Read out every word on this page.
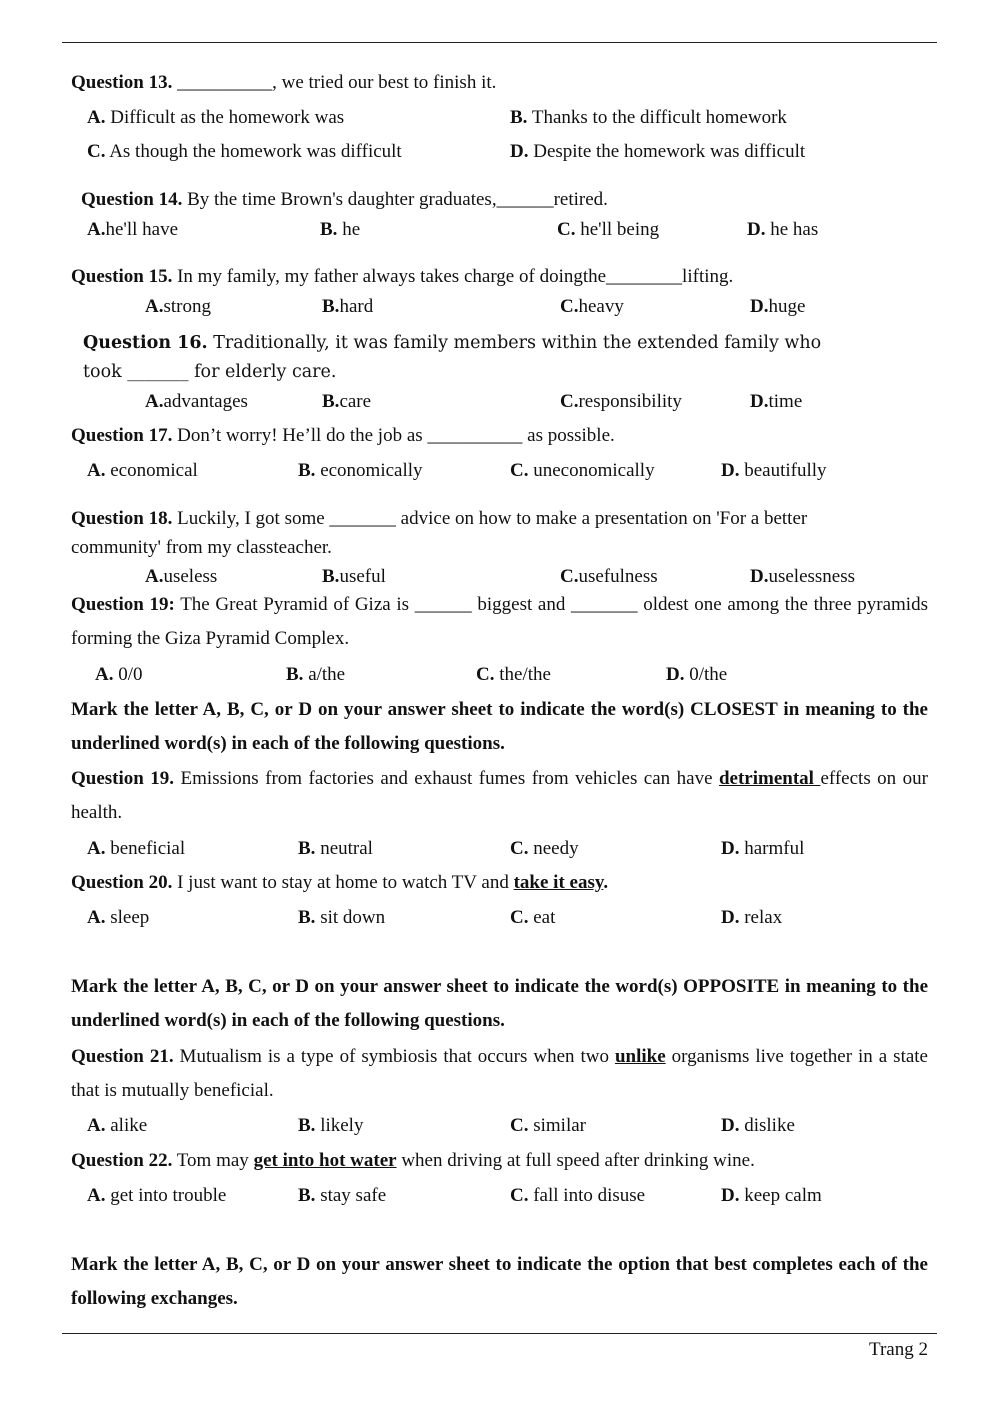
Question 13. __________, we tried our best to finish it.
A. Difficult as the homework was	B. Thanks to the difficult homework
C. As though the homework was difficult	D. Despite the homework was difficult
Question 14. By the time Brown's daughter graduates,______retired.
A.he'll have	B. he	C. he'll being	D. he has
Question 15. In my family, my father always takes charge of doingthe________lifting.
A.strong	B.hard	C.heavy	D.huge
Question 16. Traditionally, it was family members within the extended family who took _______ for elderly care.
A.advantages	B.care	C.responsibility	D.time
Question 17. Don’t worry! He’ll do the job as __________ as possible.
A. economical	B. economically	C. uneconomically	D. beautifully
Question 18. Luckily, I got some _______ advice on how to make a presentation on 'For a better community' from my classteacher.
A.useless	B.useful	C.usefulness	D.uselessness
Question 19: The Great Pyramid of Giza is ______ biggest and _______ oldest one among the three pyramids forming the Giza Pyramid Complex.
A. 0/0	B. a/the	C. the/the	D. 0/the
Mark the letter A, B, C, or D on your answer sheet to indicate the word(s) CLOSEST in meaning to the underlined word(s) in each of the following questions.
Question 19. Emissions from factories and exhaust fumes from vehicles can have detrimental effects on our health.
A. beneficial	B. neutral	C. needy	D. harmful
Question 20. I just want to stay at home to watch TV and take it easy.
A. sleep	B. sit down	C. eat	D. relax
Mark the letter A, B, C, or D on your answer sheet to indicate the word(s) OPPOSITE in meaning to the underlined word(s) in each of the following questions.
Question 21. Mutualism is a type of symbiosis that occurs when two unlike organisms live together in a state that is mutually beneficial.
A. alike	B. likely	C. similar	D. dislike
Question 22. Tom may get into hot water when driving at full speed after drinking wine.
A. get into trouble	B. stay safe	C. fall into disuse	D. keep calm
Mark the letter A, B, C, or D on your answer sheet to indicate the option that best completes each of the following exchanges.
Trang 2
